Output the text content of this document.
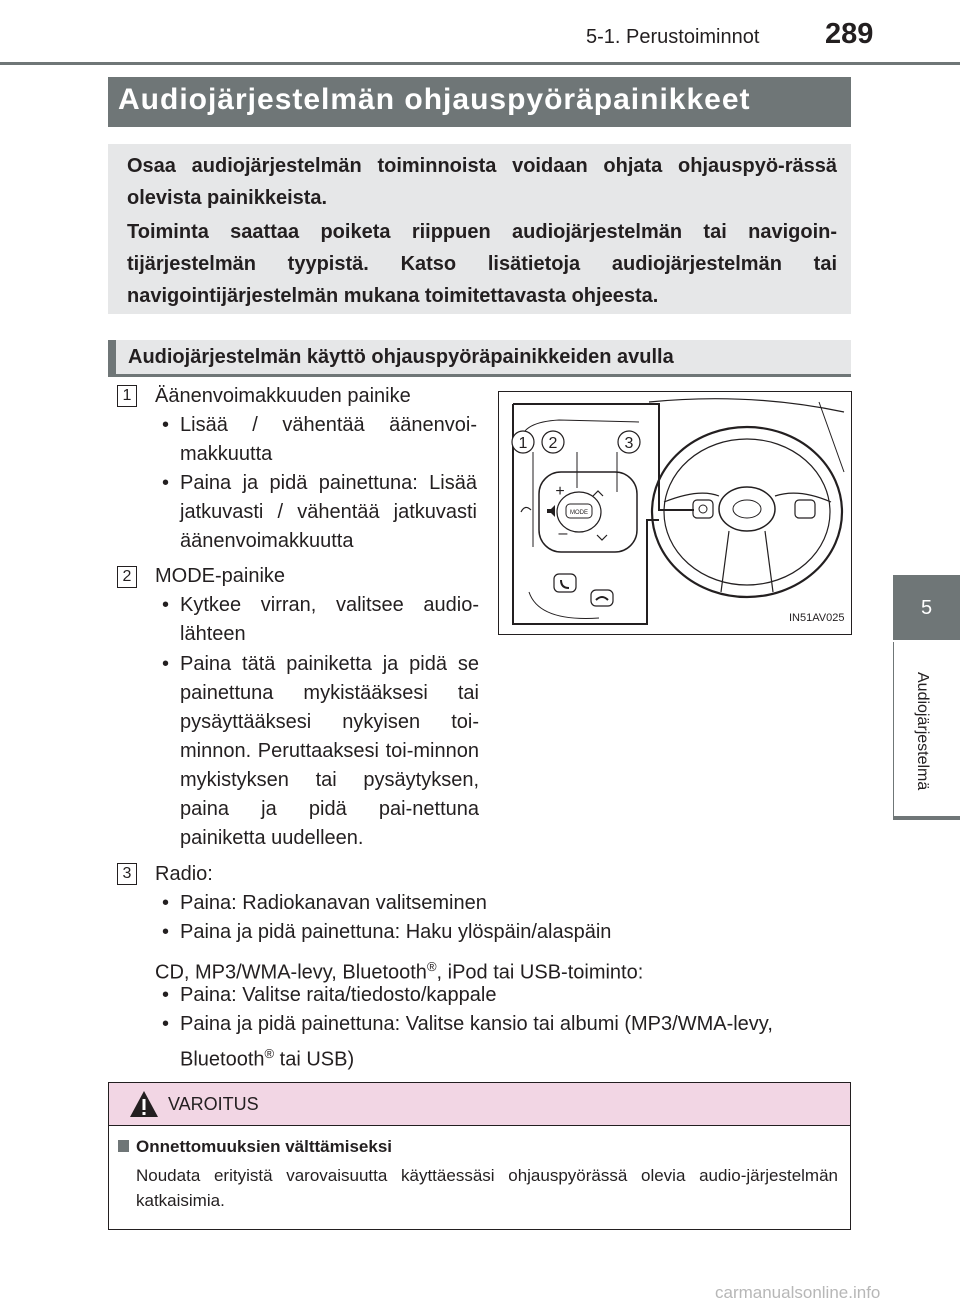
5-1. Perustoiminnot 289
5
Audiojärjestelmä
Audiojärjestelmän ohjauspyöräpainikkeet
Osaa audiojärjestelmän toiminnoista voidaan ohjata ohjauspyö-rässä olevista painikkeista.
Toiminta saattaa poiketa riippuen audiojärjestelmän tai navigoin-tijärjestelmän tyypistä. Katso lisätietoja audiojärjestelmän tai navigointijärjestelmän mukana toimitettavasta ohjeesta.
Audiojärjestelmän käyttö ohjauspyöräpainikkeiden avulla
1 Äänenvoimakkuuden painike
• Lisää / vähentää äänenvoi-makkuutta
• Paina ja pidä painettuna: Lisää jatkuvasti / vähentää jatkuvasti äänenvoimakkuutta
2 MODE-painike
• Kytkee virran, valitsee audio-lähteen
• Paina tätä painiketta ja pidä se painettuna mykistääksesi tai pysäyttääksesi nykyisen toi-minnon. Peruttaaksesi toi-minnon mykistyksen tai pysäytyksen, paina ja pidä pai-nettuna painiketta uudelleen.
3 Radio:
• Paina: Radiokanavan valitseminen
• Paina ja pidä painettuna: Haku ylöspäin/alaspäin
CD, MP3/WMA-levy, Bluetooth®, iPod tai USB-toiminto:
• Paina: Valitse raita/tiedosto/kappale
• Paina ja pidä painettuna: Valitse kansio tai albumi (MP3/WMA-levy,
Bluetooth® tai USB)
MODE
+
–
1 2	3
IN51AV025
VAROITUS
Onnettomuuksien välttämiseksi
Noudata erityistä varovaisuutta käyttäessäsi ohjauspyörässä olevia audio-järjestelmän katkaisimia.
carmanualsonline.info
